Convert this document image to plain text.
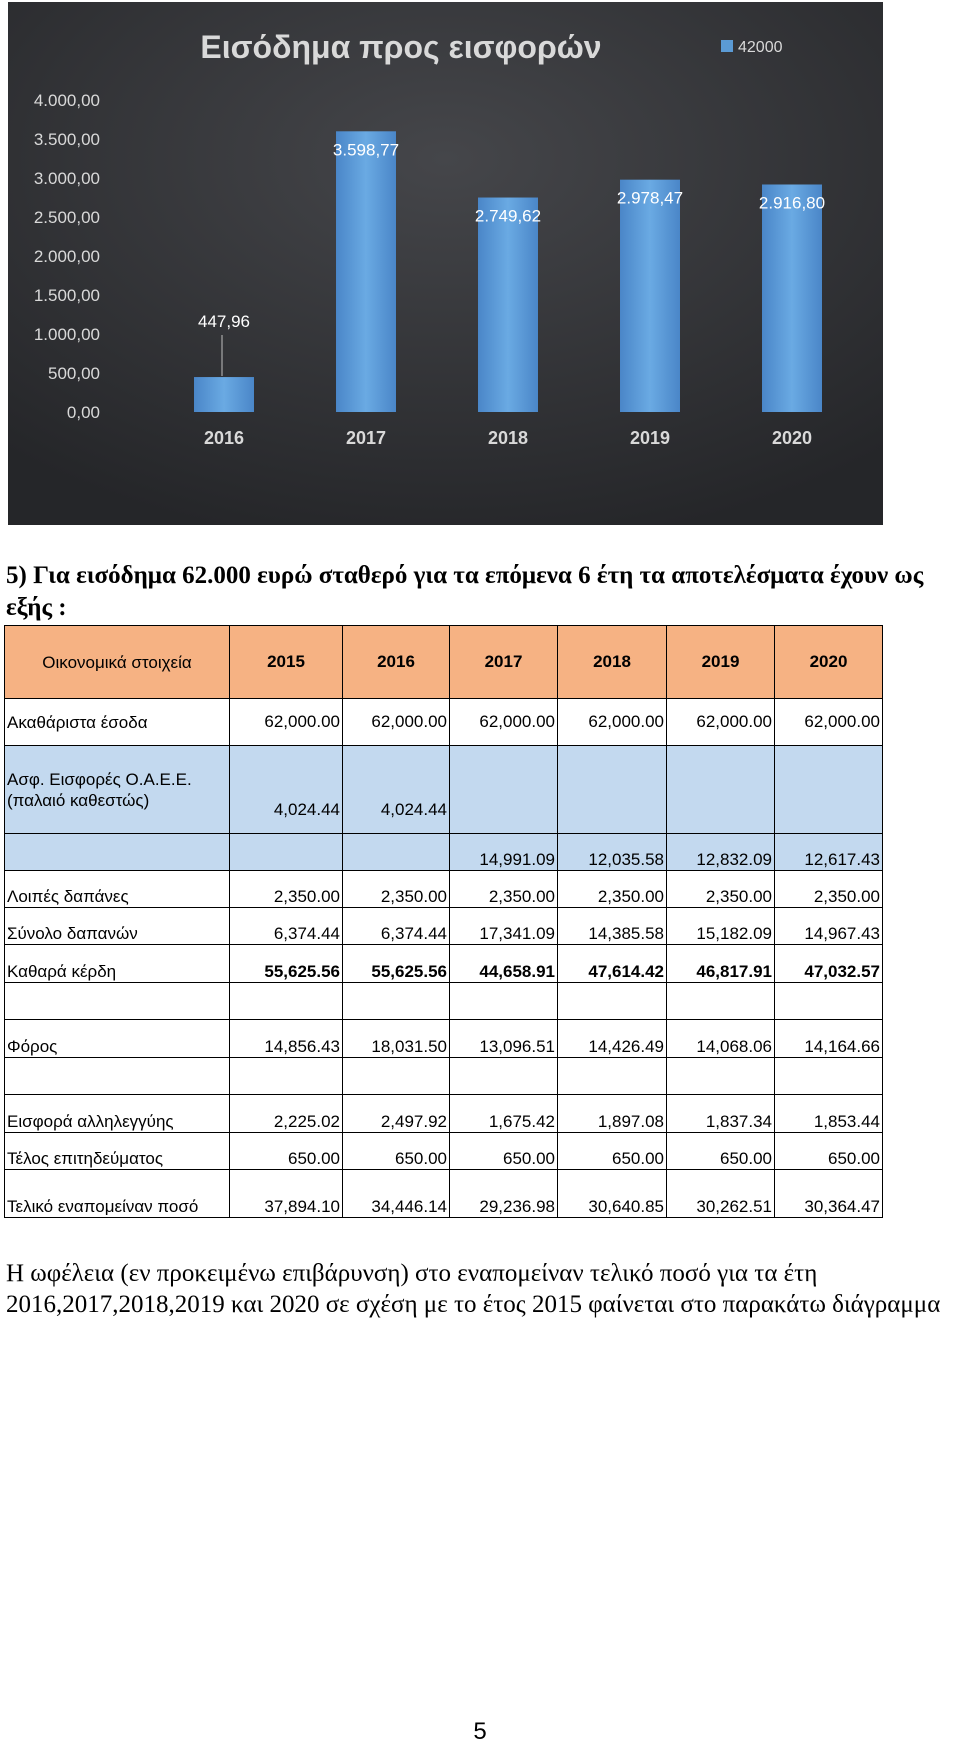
Εισόδημα προς εισφορών	42000
0,00
500,00
1.000,00
1.500,00
2.000,00
2.500,00
3.000,00
3.500,00
4.000,00
2016
447,96
2017
3.598,77
2018
2.749,62
2019
2.978,47
2020
2.916,80

5) Για εισόδημα 62.000 ευρώ σταθερό για τα επόμενα 6 έτη τα αποτελέσματα έχουν ως εξής :

Οικονομικά στοιχεία	2015	2016	2017	2018	2019	2020
Ακαθάριστα έσοδα	62,000.00	62,000.00	62,000.00	62,000.00	62,000.00	62,000.00
Ασφ. Εισφορές Ο.Α.Ε.Ε. (παλαιό καθεστώς)	4,024.44	4,024.44				
			14,991.09	12,035.58	12,832.09	12,617.43
Λοιπές δαπάνες	2,350.00	2,350.00	2,350.00	2,350.00	2,350.00	2,350.00
Σύνολο δαπανών	6,374.44	6,374.44	17,341.09	14,385.58	15,182.09	14,967.43
Καθαρά κέρδη	55,625.56	55,625.56	44,658.91	47,614.42	46,817.91	47,032.57

Φόρος	14,856.43	18,031.50	13,096.51	14,426.49	14,068.06	14,164.66

Εισφορά αλληλεγγύης	2,225.02	2,497.92	1,675.42	1,897.08	1,837.34	1,853.44
Τέλος επιτηδεύματος	650.00	650.00	650.00	650.00	650.00	650.00
Τελικό εναπομείναν ποσό	37,894.10	34,446.14	29,236.98	30,640.85	30,262.51	30,364.47

Η ωφέλεια (εν προκειμένω επιβάρυνση) στο εναπομείναν τελικό ποσό για τα έτη 2016,2017,2018,2019 και 2020 σε σχέση με το έτος 2015 φαίνεται στο παρακάτω διάγραμμα

5
